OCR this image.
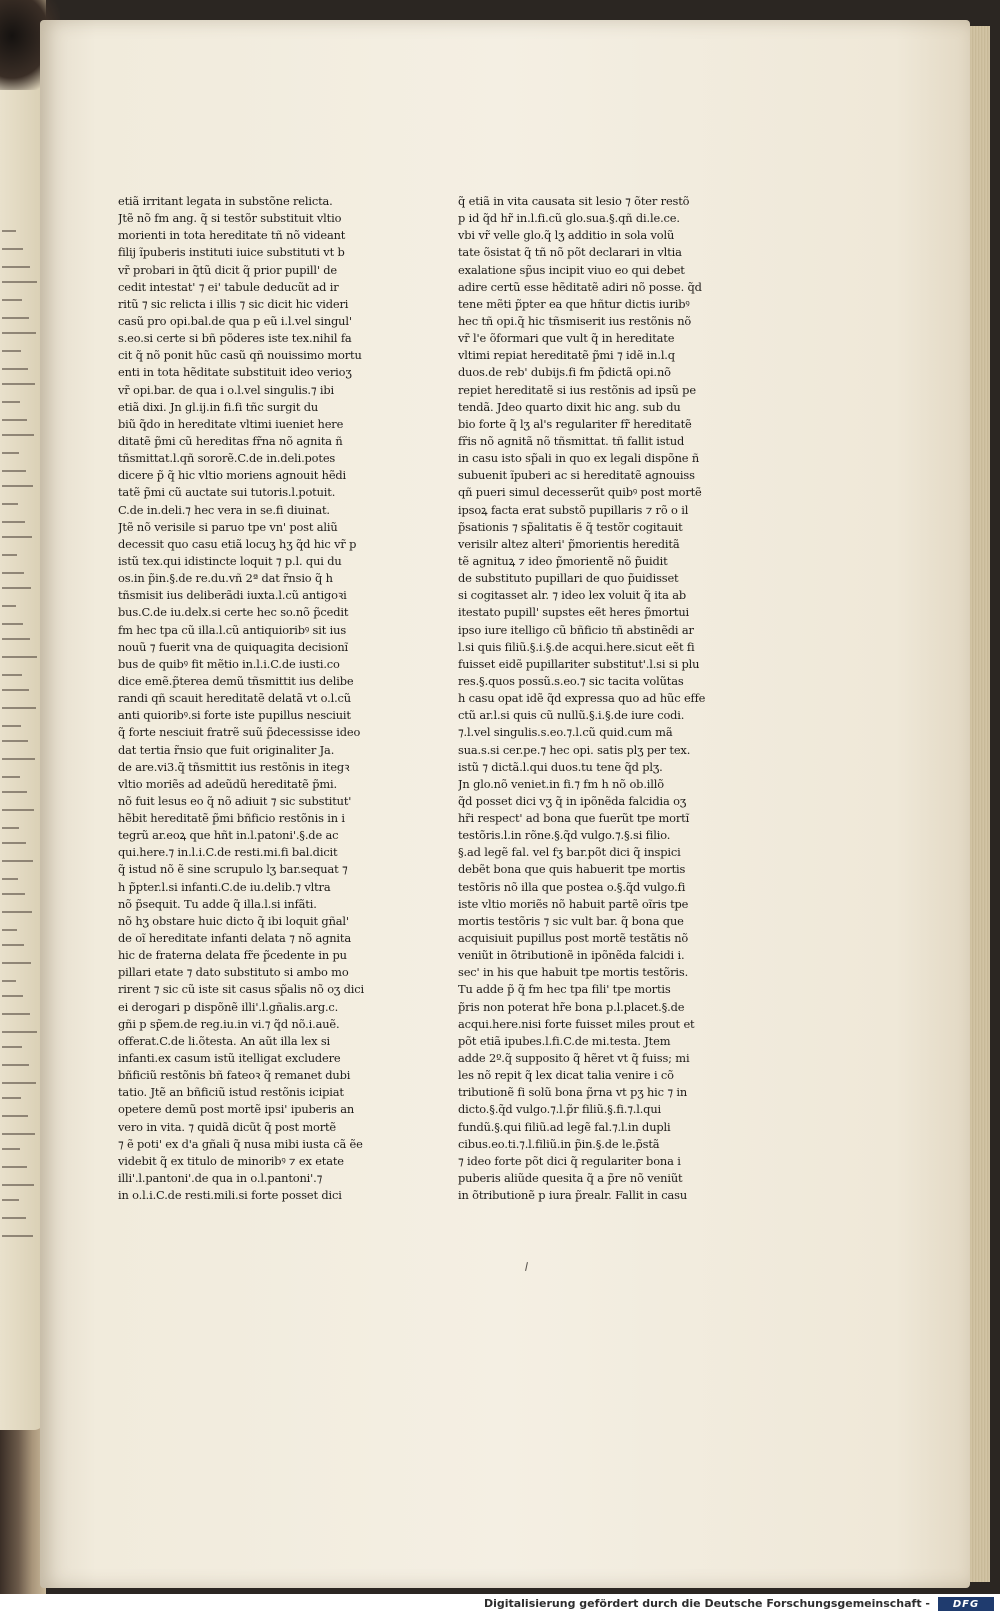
etiã irritant legata in substõne relicta.
Jtẽ nõ fm ang. q̃ si testõr substituit vltio
morienti in tota hereditate tñ nõ videant
filij ĩpuberis instituti iuice substituti vt b
vr̃ probari in q̃tũ dicit q̃ prior pupill' de
cedit intestat' ⁊ ei' tabule deducũt ad ir
ritũ ⁊ sic relicta i illis ⁊ sic dicit hic videri
casũ pro opi.bal.de qua p eũ i.l.vel singul'
s.eo.si certe si bñ põderes iste tex.nihil fa
cit q̃ nõ ponit hũc casũ qñ nouissimo mortu
enti in tota hẽditate substituit ideo verioʒ
vr̃ opi.bar. de qua i o.l.vel singulis.⁊ ibi
etiã dixi. Jn gl.ij.in fi.fi tñc surgit du
biũ q̃do in hereditate vltimi iueniet here
ditatẽ p̃mi cũ hereditas fr̃na nõ agnita ñ
tñsmittat.l.qñ sororẽ.C.de in.deli.potes
dicere p̃ q̃ hic vltio moriens agnouit hẽdi
tatẽ p̃mi cũ auctate sui tutoris.l.potuit.
C.de in.deli.⁊ hec vera in se.fi diuinat.
Jtẽ nõ verisile si paruo tpe vn' post aliũ
decessit quo casu etiã locuʒ hʒ q̃d hic vr̃ p
istũ tex.qui idistincte loquit ⁊ p.l. qui du
os.in p̃in.§.de re.du.vñ 2ª dat r̃nsio q̃ h
tñsmisit ius deliberãdi iuxta.l.cũ antigoꝛi
bus.C.de iu.delx.si certe hec so.nõ p̃cedit
fm hec tpa cũ illa.l.cũ antiquioribꝰ sit ius
nouũ ⁊ fuerit vna de quiquagita decisionĩ
bus de quibꝰ fit mẽtio in.l.i.C.de iusti.co
dice emẽ.p̃terea demũ tñsmittit ius delibe
randi qñ scauit hereditatẽ delatã vt o.l.cũ
anti quioribꝰ.si forte iste pupillus nesciuit
q̃ forte nesciuit fratrẽ suũ p̃decessisse ideo
dat tertia r̃nsio que fuit originaliter Ja.
de are.vi3.q̃ tñsmittit ius restõnis in itegꝛ
vltio moriẽs ad adeũdũ hereditatẽ p̃mi.
nõ fuit lesus eo q̃ nõ adiuit ⁊ sic substitut'
hẽbit hereditatẽ p̃mi bñficio restõnis in i
tegrũ ar.eoꝝ que hñt in.l.patoni'.§.de ac
qui.here.⁊ in.l.i.C.de resti.mi.fi bal.dicit
q̃ istud nõ ẽ sine scrupulo lʒ bar.sequat ⁊
h p̃pter.l.si infanti.C.de iu.delib.⁊ vltra
nõ p̃sequit. Tu adde q̃ illa.l.si infãti.
nõ hʒ obstare huic dicto q̃ ibi loquit gñal'
de oĩ hereditate infanti delata ⁊ nõ agnita
hic de fraterna delata fr̃e p̃cedente in pu
pillari etate ⁊ dato substituto si ambo mo
rirent ⁊ sic cũ iste sit casus sp̃alis nõ oʒ dici
ei derogari p dispõnẽ illi'.l.gñalis.arg.c.
gñi p sp̃em.de reg.iu.in vi.⁊ q̃d nõ.i.auẽ.
offerat.C.de li.õtesta. An aũt illa lex si
infanti.ex casum istũ itelligat excludere
bñficiũ restõnis bñ fateoꝛ q̃ remanet dubi
tatio. Jtẽ an bñficiũ istud restõnis icipiat
opetere demũ post mortẽ ipsi' ipuberis an
vero in vita. ⁊ quidã dicũt q̃ post mortẽ
⁊ ẽ poti' ex d'a gñali q̃ nusa mibi iusta cã ẽe
videbit q̃ ex titulo de minoribꝰ ⁊ ex etate
illi'.l.pantoni'.de qua in o.l.pantoni'.⁊
in o.l.i.C.de resti.mili.si forte posset dici
q̃ etiã in vita causata sit lesio ⁊ õter restõ
p id q̃d hr̃ in.l.fi.cũ glo.sua.§.qñ di.le.ce.
vbi vr̃ velle glo.q̃ lʒ additio in sola volũ
tate õsistat q̃ tñ nõ põt declarari in vltia
exalatione sp̃us incipit viuo eo qui debet
adire certũ esse hẽditatẽ adiri nõ posse. q̃d
tene mẽti p̃pter ea que hñtur dictis iuribꝰ
hec tñ opi.q̃ hic tñsmiserit ius restõnis nõ
vr̃ l'e õformari que vult q̃ in hereditate
vltimi repiat hereditatẽ p̃mi ⁊ idẽ in.l.q
duos.de reb' dubijs.fi fm p̃dictã opi.nõ
repiet hereditatẽ si ius restõnis ad ipsũ pe
tendã. Jdeo quarto dixit hic ang. sub du
bio forte q̃ lʒ al's regulariter fr̃ hereditatẽ
fr̃is nõ agnitã nõ tñsmittat. tñ fallit istud
in casu isto sp̃ali in quo ex legali dispõne ñ
subuenit ĩpuberi ac si hereditatẽ agnouiss
qñ pueri simul decesserũt quibꝰ post mortẽ
ipsoꝝ facta erat substõ pupillaris ⁊ rõ o il
p̃sationis ⁊ sp̃alitatis ẽ q̃ testõr cogitauit
verisilr altez alteri' p̃morientis hereditã
tẽ agnituꝝ ⁊ ideo p̃morientẽ nõ p̃uidit
de substituto pupillari de quo p̃uidisset
si cogitasset alr. ⁊ ideo lex voluit q̃ ita ab
itestato pupill' supstes eẽt heres p̃mortui
ipso iure itelligo cũ bñficio tñ abstinẽdi ar
l.si quis filiũ.§.i.§.de acqui.here.sicut eẽt fi
fuisset eidẽ pupillariter substitut'.l.si si plu
res.§.quos possũ.s.eo.⁊ sic tacita volũtas
h casu opat idẽ q̃d expressa quo ad hũc effe
ctũ ar.l.si quis cũ nullũ.§.i.§.de iure codi.
⁊.l.vel singulis.s.eo.⁊.l.cũ quid.cum mã
sua.s.si cer.pe.⁊ hec opi. satis plʒ per tex.
istũ ⁊ dictã.l.qui duos.tu tene q̃d plʒ.
Jn glo.nõ veniet.in fi.⁊ fm h nõ ob.illõ
q̃d posset dici vʒ q̃ in ipõnẽda falcidia oʒ
hr̃i respect' ad bona que fuerũt tpe mortĩ
testõris.l.in rõne.§.q̃d vulgo.⁊.§.si filio.
§.ad legẽ fal. vel fʒ bar.põt dici q̃ inspici
debẽt bona que quis habuerit tpe mortis
testõris nõ illa que postea o.§.q̃d vulgo.fi
iste vltio moriẽs nõ habuit partẽ oĩris tpe
mortis testõris ⁊ sic vult bar. q̃ bona que
acquisiuit pupillus post mortẽ testãtis nõ
veniũt in õtributionẽ in ipõnẽda falcidi i.
sec' in his que habuit tpe mortis testõris.
Tu adde p̃ q̃ fm hec tpa fili' tpe mortis
p̃ris non poterat hr̃e bona p.l.placet.§.de
acqui.here.nisi forte fuisset miles prout et
põt etiã ipubes.l.fi.C.de mi.testa. Jtem
adde 2º.q̃ supposito q̃ hẽret vt q̃ fuiss; mi
les nõ repit q̃ lex dicat talia venire i cõ
tributionẽ fi solũ bona p̃rna vt pʒ hic ⁊ in
dicto.§.q̃d vulgo.⁊.l.p̃r filiũ.§.fi.⁊.l.qui
fundũ.§.qui filiũ.ad legẽ fal.⁊.l.in dupli
cibus.eo.ti.⁊.l.filiũ.in p̃in.§.de le.p̃stã
⁊ ideo forte põt dici q̃ regulariter bona i
puberis aliũde quesita q̃ a p̃re nõ veniũt
in õtributionẽ p iura p̃realr. Fallit in casu
Digitalisierung gefördert durch die Deutsche Forschungsgemeinschaft -	DFG
